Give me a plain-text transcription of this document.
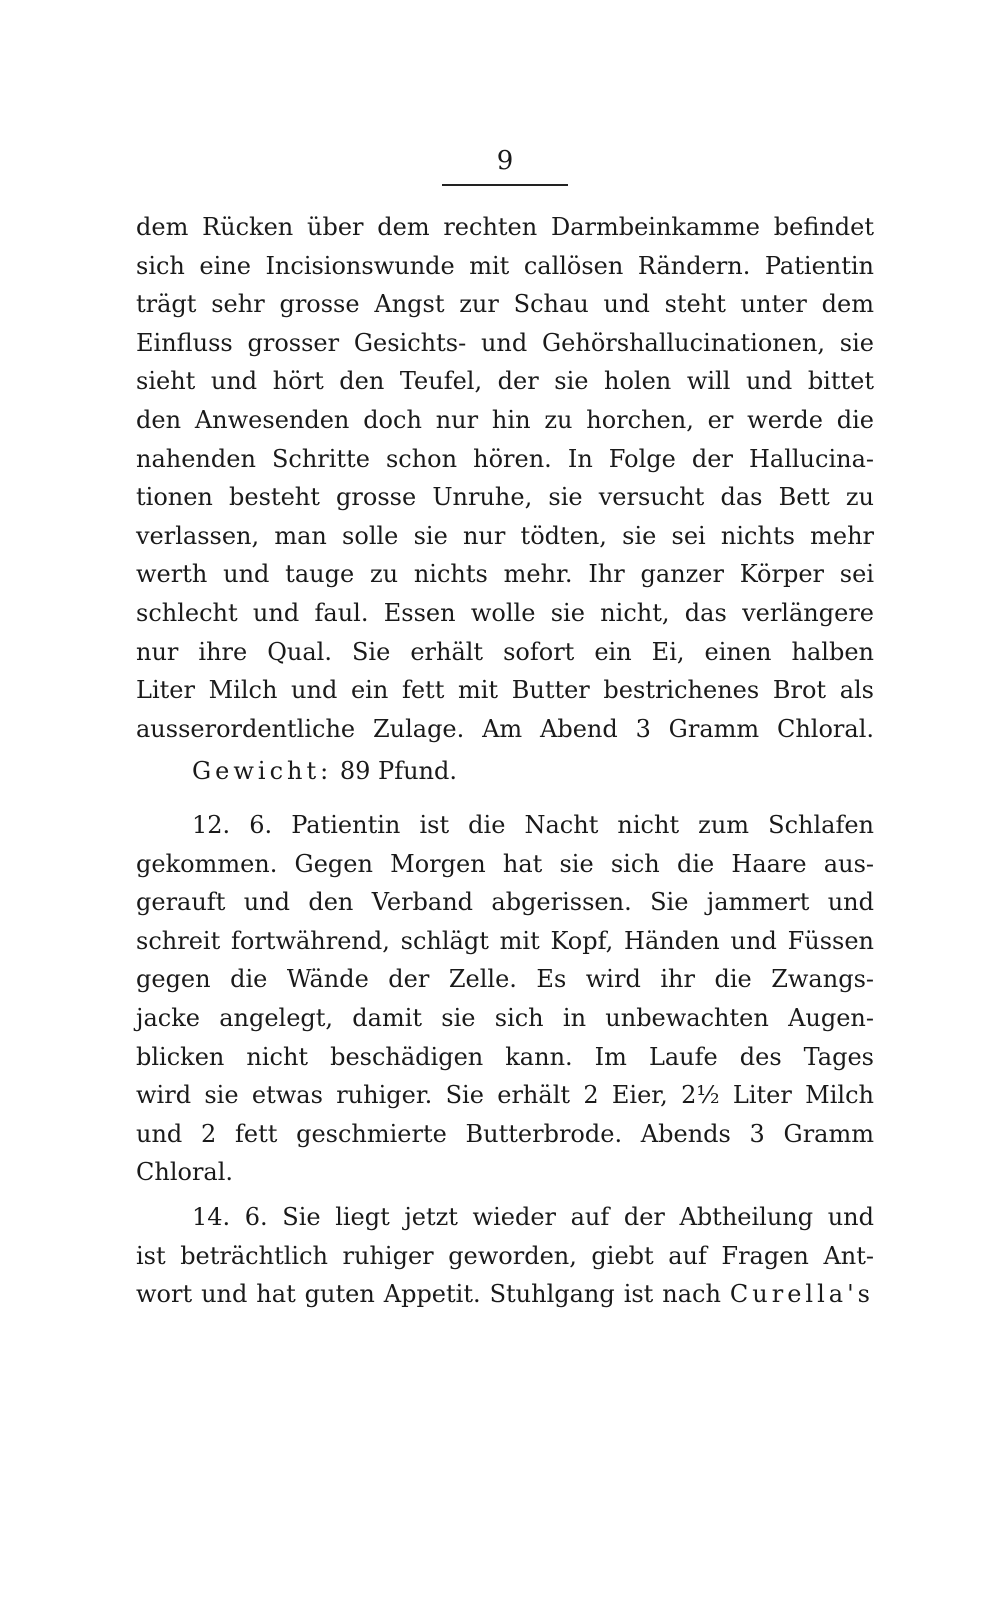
9
dem Rücken über dem rechten Darmbeinkamme befindet
sich eine Incisionswunde mit callösen Rändern. Patientin
trägt sehr grosse Angst zur Schau und steht unter dem
Einfluss grosser Gesichts- und Gehörshallucinationen, sie
sieht und hört den Teufel, der sie holen will und bittet
den Anwesenden doch nur hin zu horchen, er werde die
nahenden Schritte schon hören. In Folge der Hallucina-
tionen besteht grosse Unruhe, sie versucht das Bett zu
verlassen, man solle sie nur tödten, sie sei nichts mehr
werth und tauge zu nichts mehr. Ihr ganzer Körper sei
schlecht und faul. Essen wolle sie nicht, das verlängere
nur ihre Qual. Sie erhält sofort ein Ei, einen halben
Liter Milch und ein fett mit Butter bestrichenes Brot als
ausserordentliche Zulage. Am Abend 3 Gramm Chloral.
Gewicht: 89 Pfund.
12. 6. Patientin ist die Nacht nicht zum Schlafen
gekommen. Gegen Morgen hat sie sich die Haare aus-
gerauft und den Verband abgerissen. Sie jammert und
schreit fortwährend, schlägt mit Kopf, Händen und Füssen
gegen die Wände der Zelle. Es wird ihr die Zwangs-
jacke angelegt, damit sie sich in unbewachten Augen-
blicken nicht beschädigen kann. Im Laufe des Tages
wird sie etwas ruhiger. Sie erhält 2 Eier, 2½ Liter Milch
und 2 fett geschmierte Butterbrode. Abends 3 Gramm
Chloral.
14. 6. Sie liegt jetzt wieder auf der Abtheilung und
ist beträchtlich ruhiger geworden, giebt auf Fragen Ant-
wort und hat guten Appetit. Stuhlgang ist nach Curella's
